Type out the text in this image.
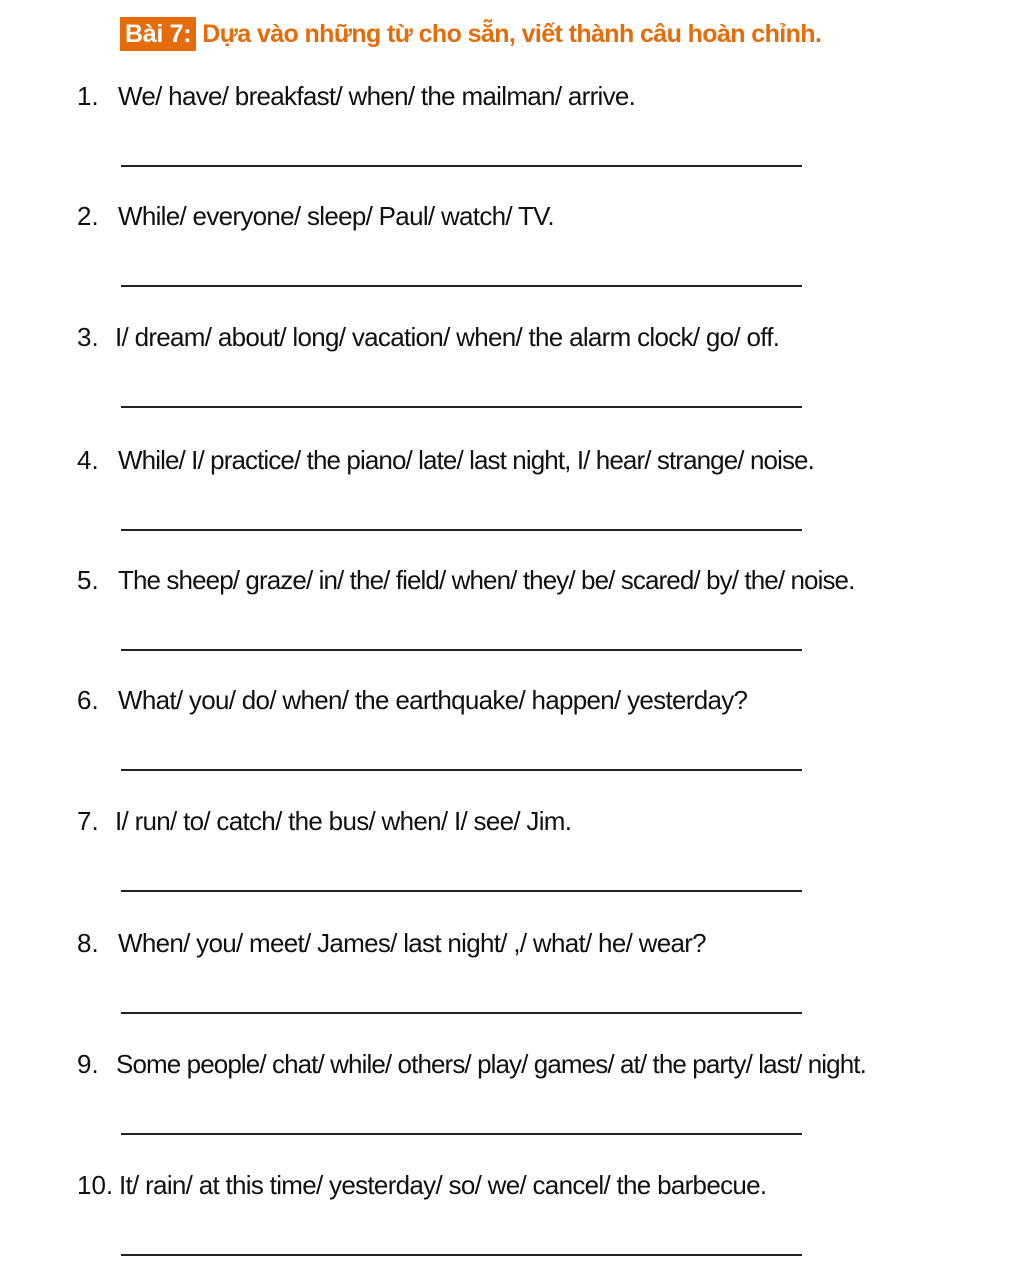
Bài 7: Dựa vào những từ cho sẵn, viết thành câu hoàn chỉnh.
1. We/ have/ breakfast/ when/ the mailman/ arrive.
2. While/ everyone/ sleep/ Paul/ watch/ TV.
3. I/ dream/ about/ long/ vacation/ when/ the alarm clock/ go/ off.
4. While/ I/ practice/ the piano/ late/ last night, I/ hear/ strange/ noise.
5. The sheep/ graze/ in/ the/ field/ when/ they/ be/ scared/ by/ the/ noise.
6. What/ you/ do/ when/ the earthquake/ happen/ yesterday?
7. I/ run/ to/ catch/ the bus/ when/ I/ see/ Jim.
8. When/ you/ meet/ James/ last night/ ,/ what/ he/ wear?
9. Some people/ chat/ while/ others/ play/ games/ at/ the party/ last/ night.
10. It/ rain/ at this time/ yesterday/ so/ we/ cancel/ the barbecue.
